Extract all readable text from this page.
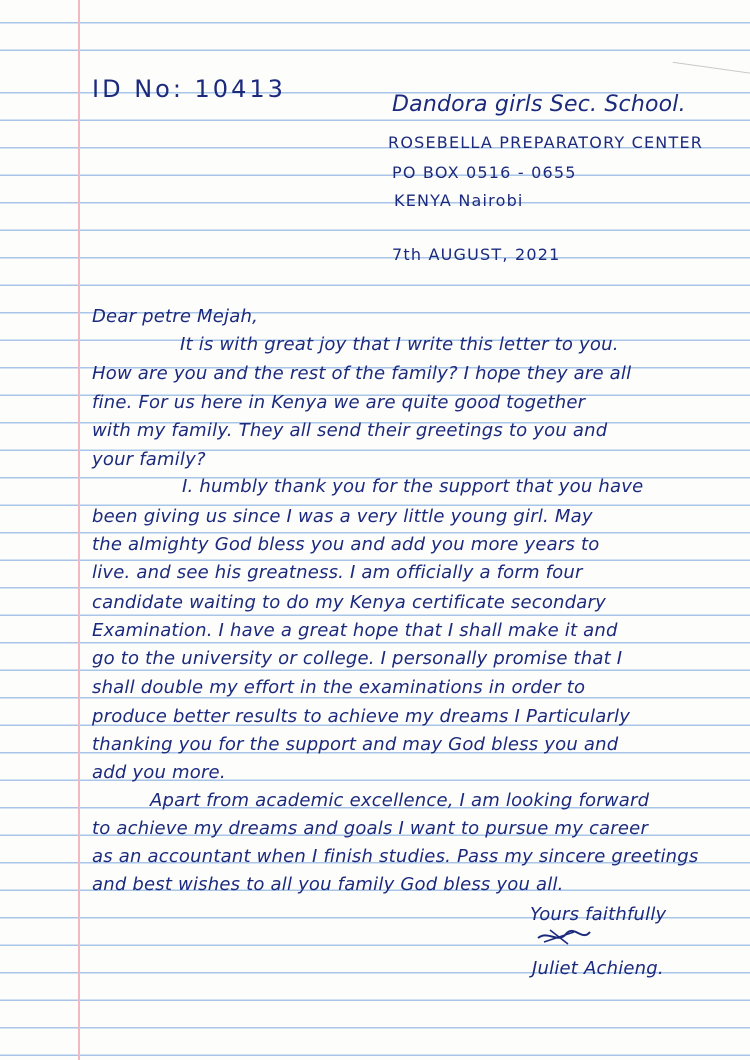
ID No: 10413
Dandora girls Sec. School.
ROSEBELLA PREPARATORY CENTER
PO BOX 0516 - 0655
KENYA Nairobi
7th AUGUST, 2021
Dear petre Mejah,
It is with great joy that I write this letter to you.
How are you and the rest of the family? I hope they are all
fine. For us here in Kenya we are quite good together
with my family. They all send their greetings to you and
your family?
I. humbly thank you for the support that you have
been giving us since I was a very little young girl. May
the almighty God bless you and add you more years to
live. and see his greatness. I am officially a form four
candidate waiting to do my Kenya certificate secondary
Examination. I have a great hope that I shall make it and
go to the university or college. I personally promise that I
shall double my effort in the examinations in order to
produce better results to achieve my dreams I Particularly
thanking you for the support and may God bless you and
add you more.
Apart from academic excellence, I am looking forward
to achieve my dreams and goals I want to pursue my career
as an accountant when I finish studies. Pass my sincere greetings
and best wishes to all you family God bless you all.
Yours faithfully
Juliet Achieng.
